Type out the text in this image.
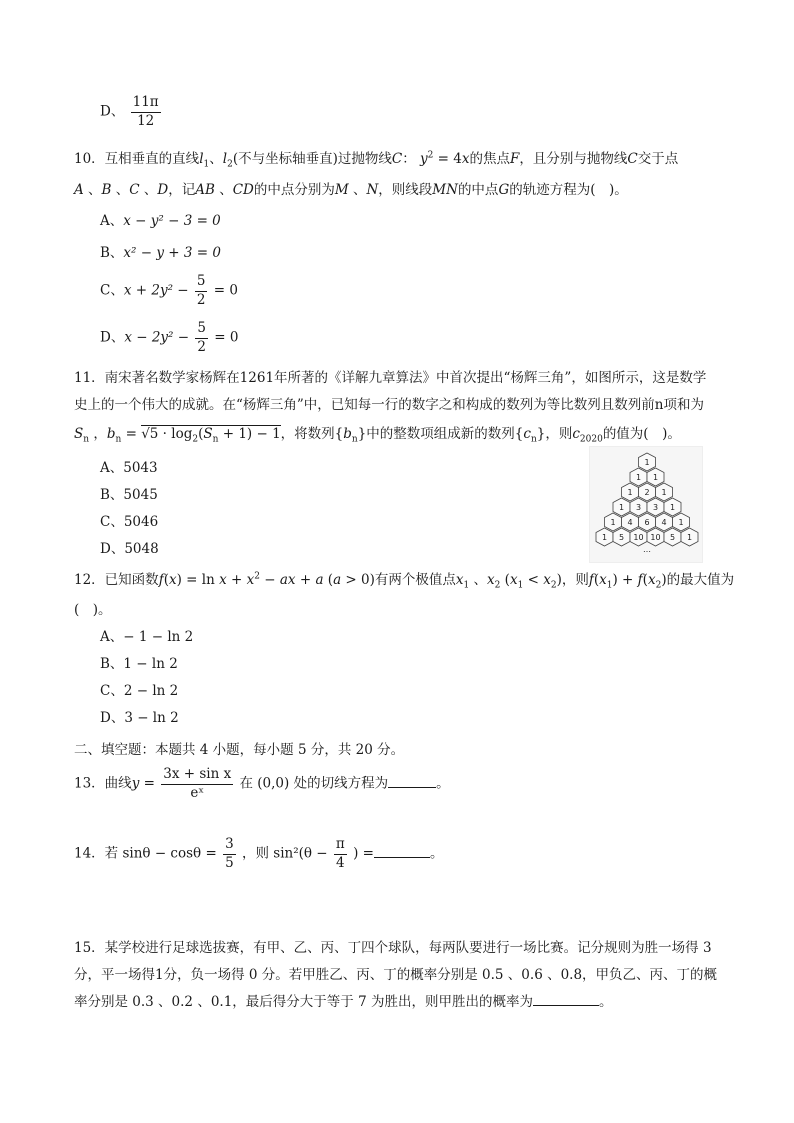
D、 $\frac{11\pi}{12}$
10．互相垂直的直线$l_1$、$l_2$(不与坐标轴垂直)过抛物线C： $y^2 = 4x$的焦点F，且分别与抛物线C交于点
A 、B 、C 、D，记AB 、CD的中点分别为M 、N，则线段MN的中点G的轨迹方程为(　)。
A、x − y² − 3 = 0
B、x² − y + 3 = 0
C、$x + 2y^2 - \frac{5}{2} = 0$
D、$x - 2y^2 - \frac{5}{2} = 0$
11．南宋著名数学家杨辉在1261年所著的《详解九章算法》中首次提出“杨辉三角”，如图所示，这是数学
史上的一个伟大的成就。在“杨辉三角”中，已知每一行的数字之和构成的数列为等比数列且数列前n项和为
$S_n$ ，$b_n = √5 \cdot \log_2(S_n + 1) - 1$，将数列$\{b_n\}$中的整数项组成新的数列$\{c_n\}$，则$c_{2020}$的值为(　)。
A、5043
B、5045
C、5046
D、5048
1
1 1
1 2 1
1 3 3 1
1 4 6 4 1
1 5 10 10 5 1
…
12．已知函数$f(x) = \ln x + x^2$ − ax + a (a > 0)有两个极值点$x_1$ 、$x_2$ $(x_1 < x_2)$，则$f(x_1) + f(x_2)$的最大值为
(　)。
A、− 1 − ln 2
B、1 − ln 2
C、2 − ln 2
D、3 − ln 2
二、填空题：本题共 4 小题，每小题 5 分，共 20 分。
13．曲线$y = \frac{\text{3x + sin x}}{\text{eˣ}}$ 在 (0,0) 处的切线方程为	。
14．若 $\sin\theta - \cos\theta = \frac{3}{5}$ ，则 $\sin^2(\theta - \frac{\pi}{4}$ ) =	。
15．某学校进行足球选拔赛，有甲、乙、丙、丁四个球队，每两队要进行一场比赛。记分规则为胜一场得 3
分，平一场得1分，负一场得 0 分。若甲胜乙、丙、丁的概率分别是 0.5 、0.6 、0.8，甲负乙、丙、丁的概
率分别是 0.3 、0.2 、0.1，最后得分大于等于 7 为胜出，则甲胜出的概率为	。
